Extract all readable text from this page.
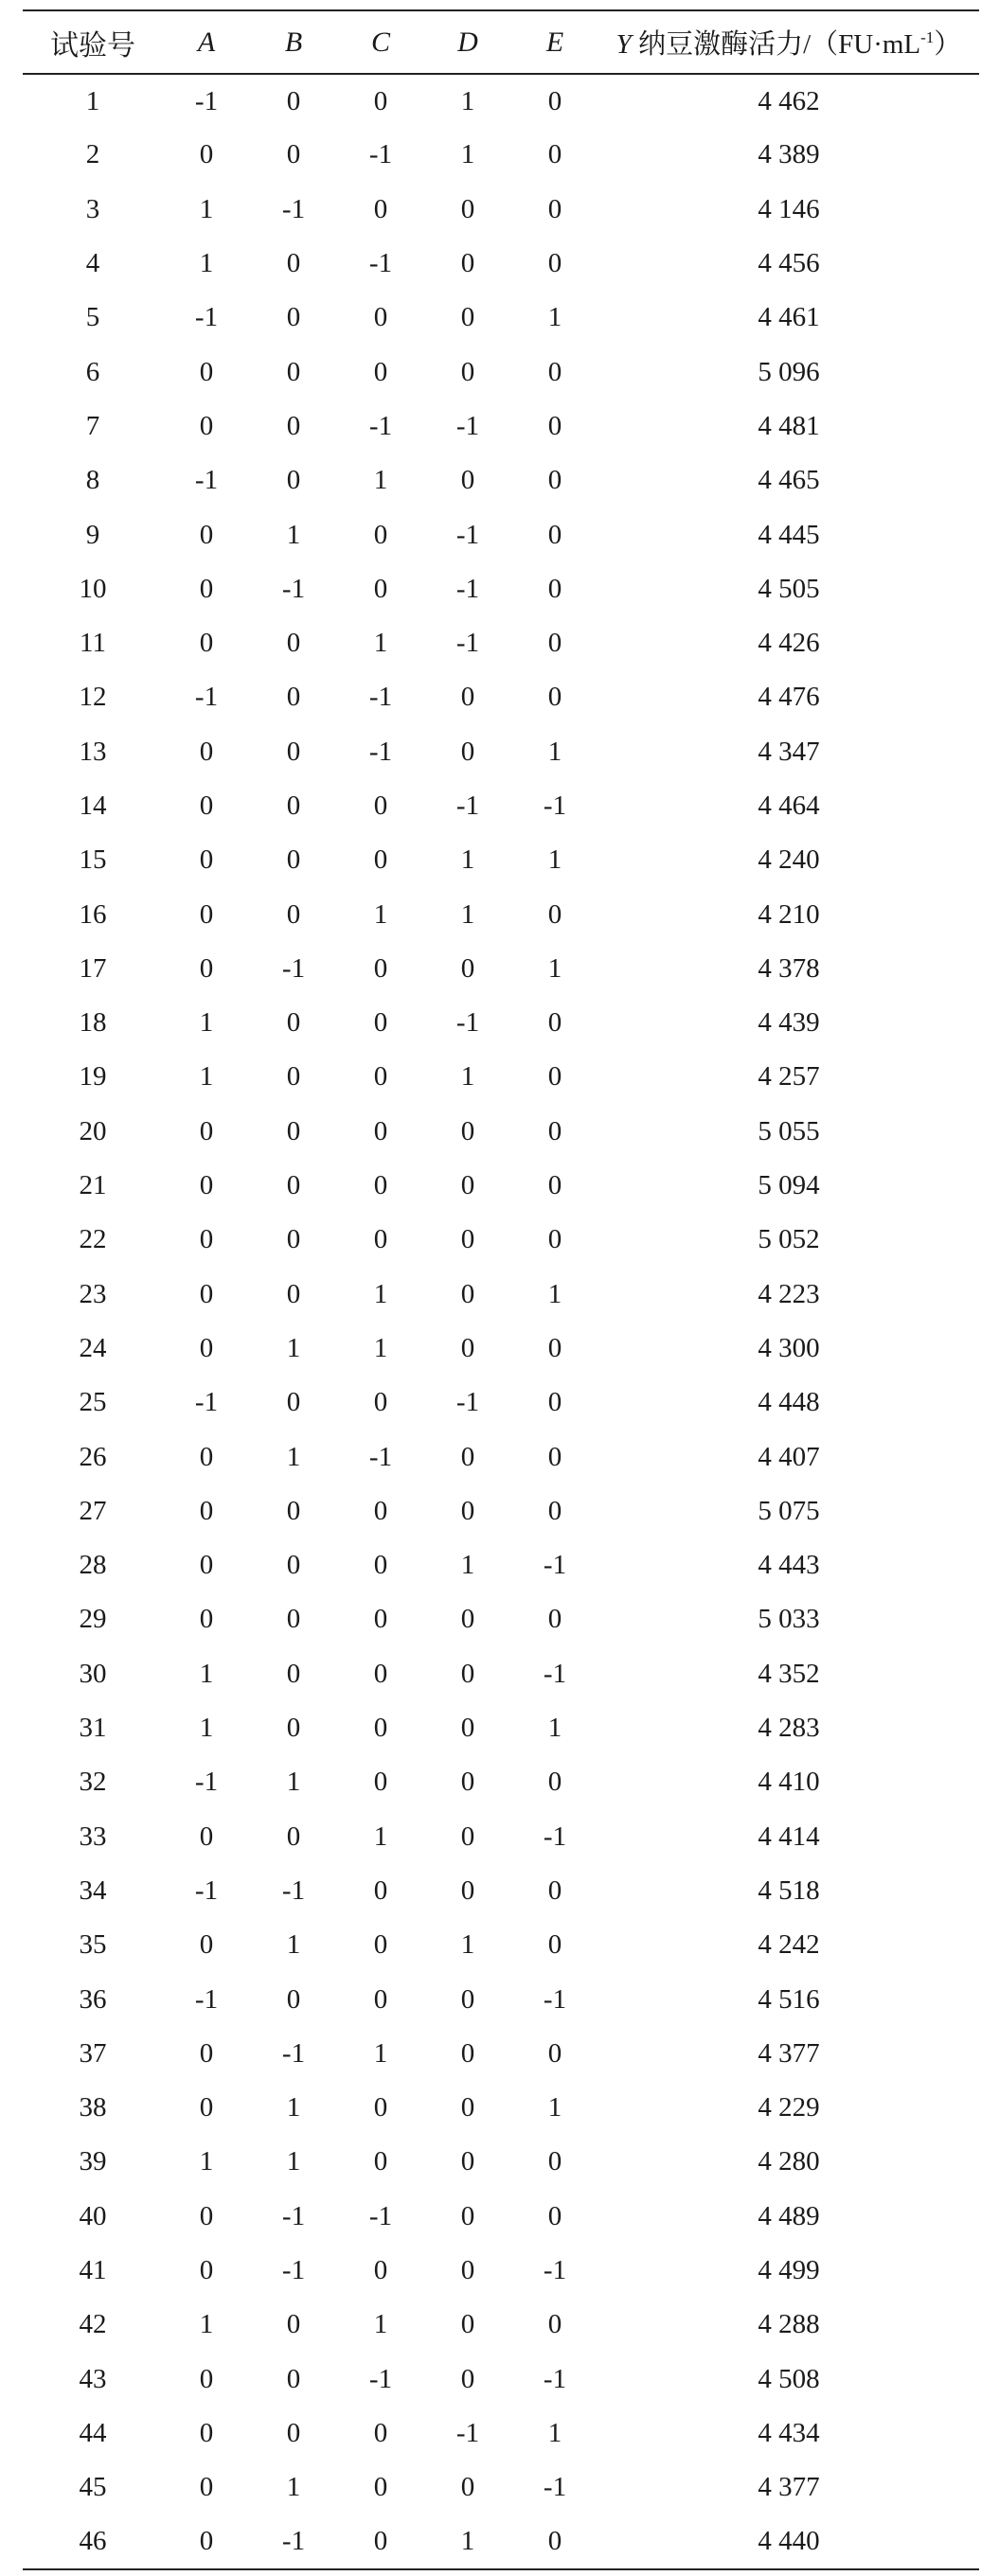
试验号	A	B	C	D	E	Y 纳豆激酶活力$/(FU\cdot mL^{-1})$
1	-1	0	0	1	0	4 462
2	0	0	-1	1	0	4 389
3	1	-1	0	0	0	4 146
4	1	0	-1	0	0	4 456
5	-1	0	0	0	1	4 461
6	0	0	0	0	0	5 096
7	0	0	-1	-1	0	4 481
8	-1	0	1	0	0	4 465
9	0	1	0	-1	0	4 445
10	0	-1	0	-1	0	4 505
11	0	0	1	-1	0	4 426
12	-1	0	-1	0	0	4 476
13	0	0	-1	0	1	4 347
14	0	0	0	-1	-1	4 464
15	0	0	0	1	1	4 240
16	0	0	1	1	0	4 210
17	0	-1	0	0	1	4 378
18	1	0	0	-1	0	4 439
19	1	0	0	1	0	4 257
20	0	0	0	0	0	5 055
21	0	0	0	0	0	5 094
22	0	0	0	0	0	5 052
23	0	0	1	0	1	4 223
24	0	1	1	0	0	4 300
25	-1	0	0	-1	0	4 448
26	0	1	-1	0	0	4 407
27	0	0	0	0	0	5 075
28	0	0	0	1	-1	4 443
29	0	0	0	0	0	5 033
30	1	0	0	0	-1	4 352
31	1	0	0	0	1	4 283
32	-1	1	0	0	0	4 410
33	0	0	1	0	-1	4 414
34	-1	-1	0	0	0	4 518
35	0	1	0	1	0	4 242
36	-1	0	0	0	-1	4 516
37	0	-1	1	0	0	4 377
38	0	1	0	0	1	4 229
39	1	1	0	0	0	4 280
40	0	-1	-1	0	0	4 489
41	0	-1	0	0	-1	4 499
42	1	0	1	0	0	4 288
43	0	0	-1	0	-1	4 508
44	0	0	0	-1	1	4 434
45	0	1	0	0	-1	4 377
46	0	-1	0	1	0	4 440
